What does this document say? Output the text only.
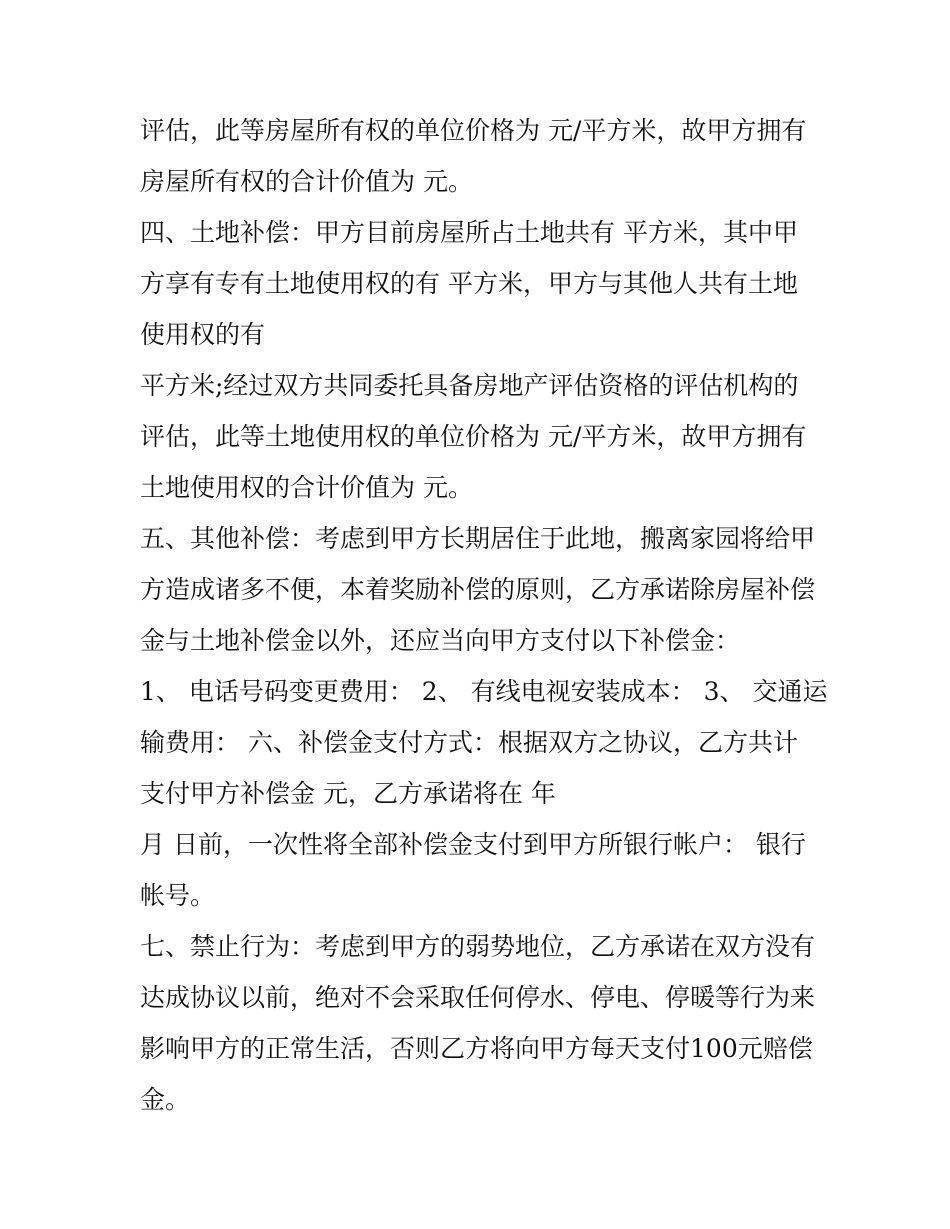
评估，此等房屋所有权的单位价格为 元/平方米，故甲方拥有
房屋所有权的合计价值为 元。
四、土地补偿：甲方目前房屋所占土地共有 平方米，其中甲
方享有专有土地使用权的有 平方米，甲方与其他人共有土地
使用权的有
平方米;经过双方共同委托具备房地产评估资格的评估机构的
评估，此等土地使用权的单位价格为 元/平方米，故甲方拥有
土地使用权的合计价值为 元。
五、其他补偿：考虑到甲方长期居住于此地，搬离家园将给甲
方造成诸多不便，本着奖励补偿的原则，乙方承诺除房屋补偿
金与土地补偿金以外，还应当向甲方支付以下补偿金：
1、 电话号码变更费用： 2、 有线电视安装成本： 3、 交通运
输费用： 六、补偿金支付方式：根据双方之协议，乙方共计
支付甲方补偿金 元，乙方承诺将在 年
月 日前，一次性将全部补偿金支付到甲方所银行帐户： 银行
帐号。
七、禁止行为：考虑到甲方的弱势地位，乙方承诺在双方没有
达成协议以前，绝对不会采取任何停水、停电、停暖等行为来
影响甲方的正常生活，否则乙方将向甲方每天支付100元赔偿
金。
